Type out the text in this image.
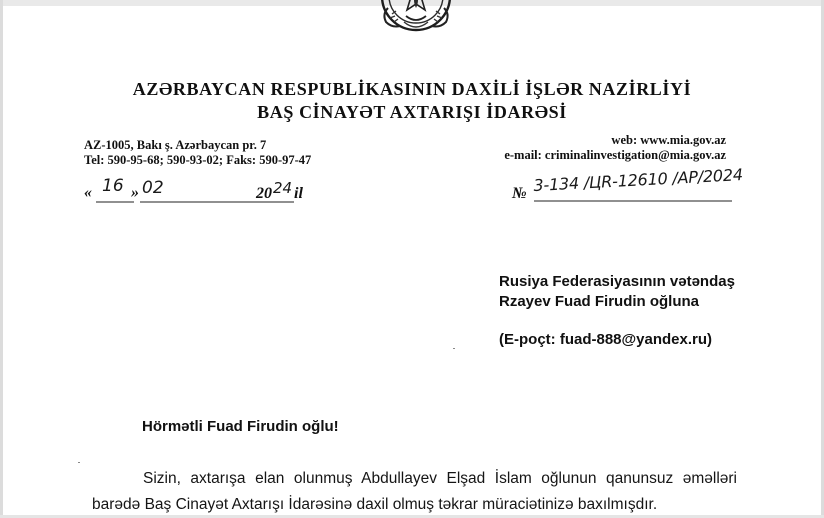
AZƏRBAYCAN RESPUBLİKASININ DAXİLİ İŞLƏR NAZİRLİYİ
BAŞ CİNAYƏT AXTARIŞI İDARƏSİ
AZ-1005, Bakı ş. Azərbaycan pr. 7
Tel: 590-95-68; 590-93-02; Faks: 590-97-47
web: www.mia.gov.az
e-mail: criminalinvestigation@mia.gov.az
« 16 » 02	20 24 il	№ 3-134 /ЦR-12610 /AP/2024
Rusiya Federasiyasının vətəndaş
Rzayev Fuad Firudin oğluna
(E-poçt: fuad-888@yandex.ru)
Hörmətli Fuad Firudin oğlu!
Sizin, axtarışa elan olunmuş Abdullayev Elşad İslam oğlunun qanunsuz əməlləri
barədə Baş Cinayət Axtarışı İdarəsinə daxil olmuş təkrar müraciətinizə baxılmışdır.
